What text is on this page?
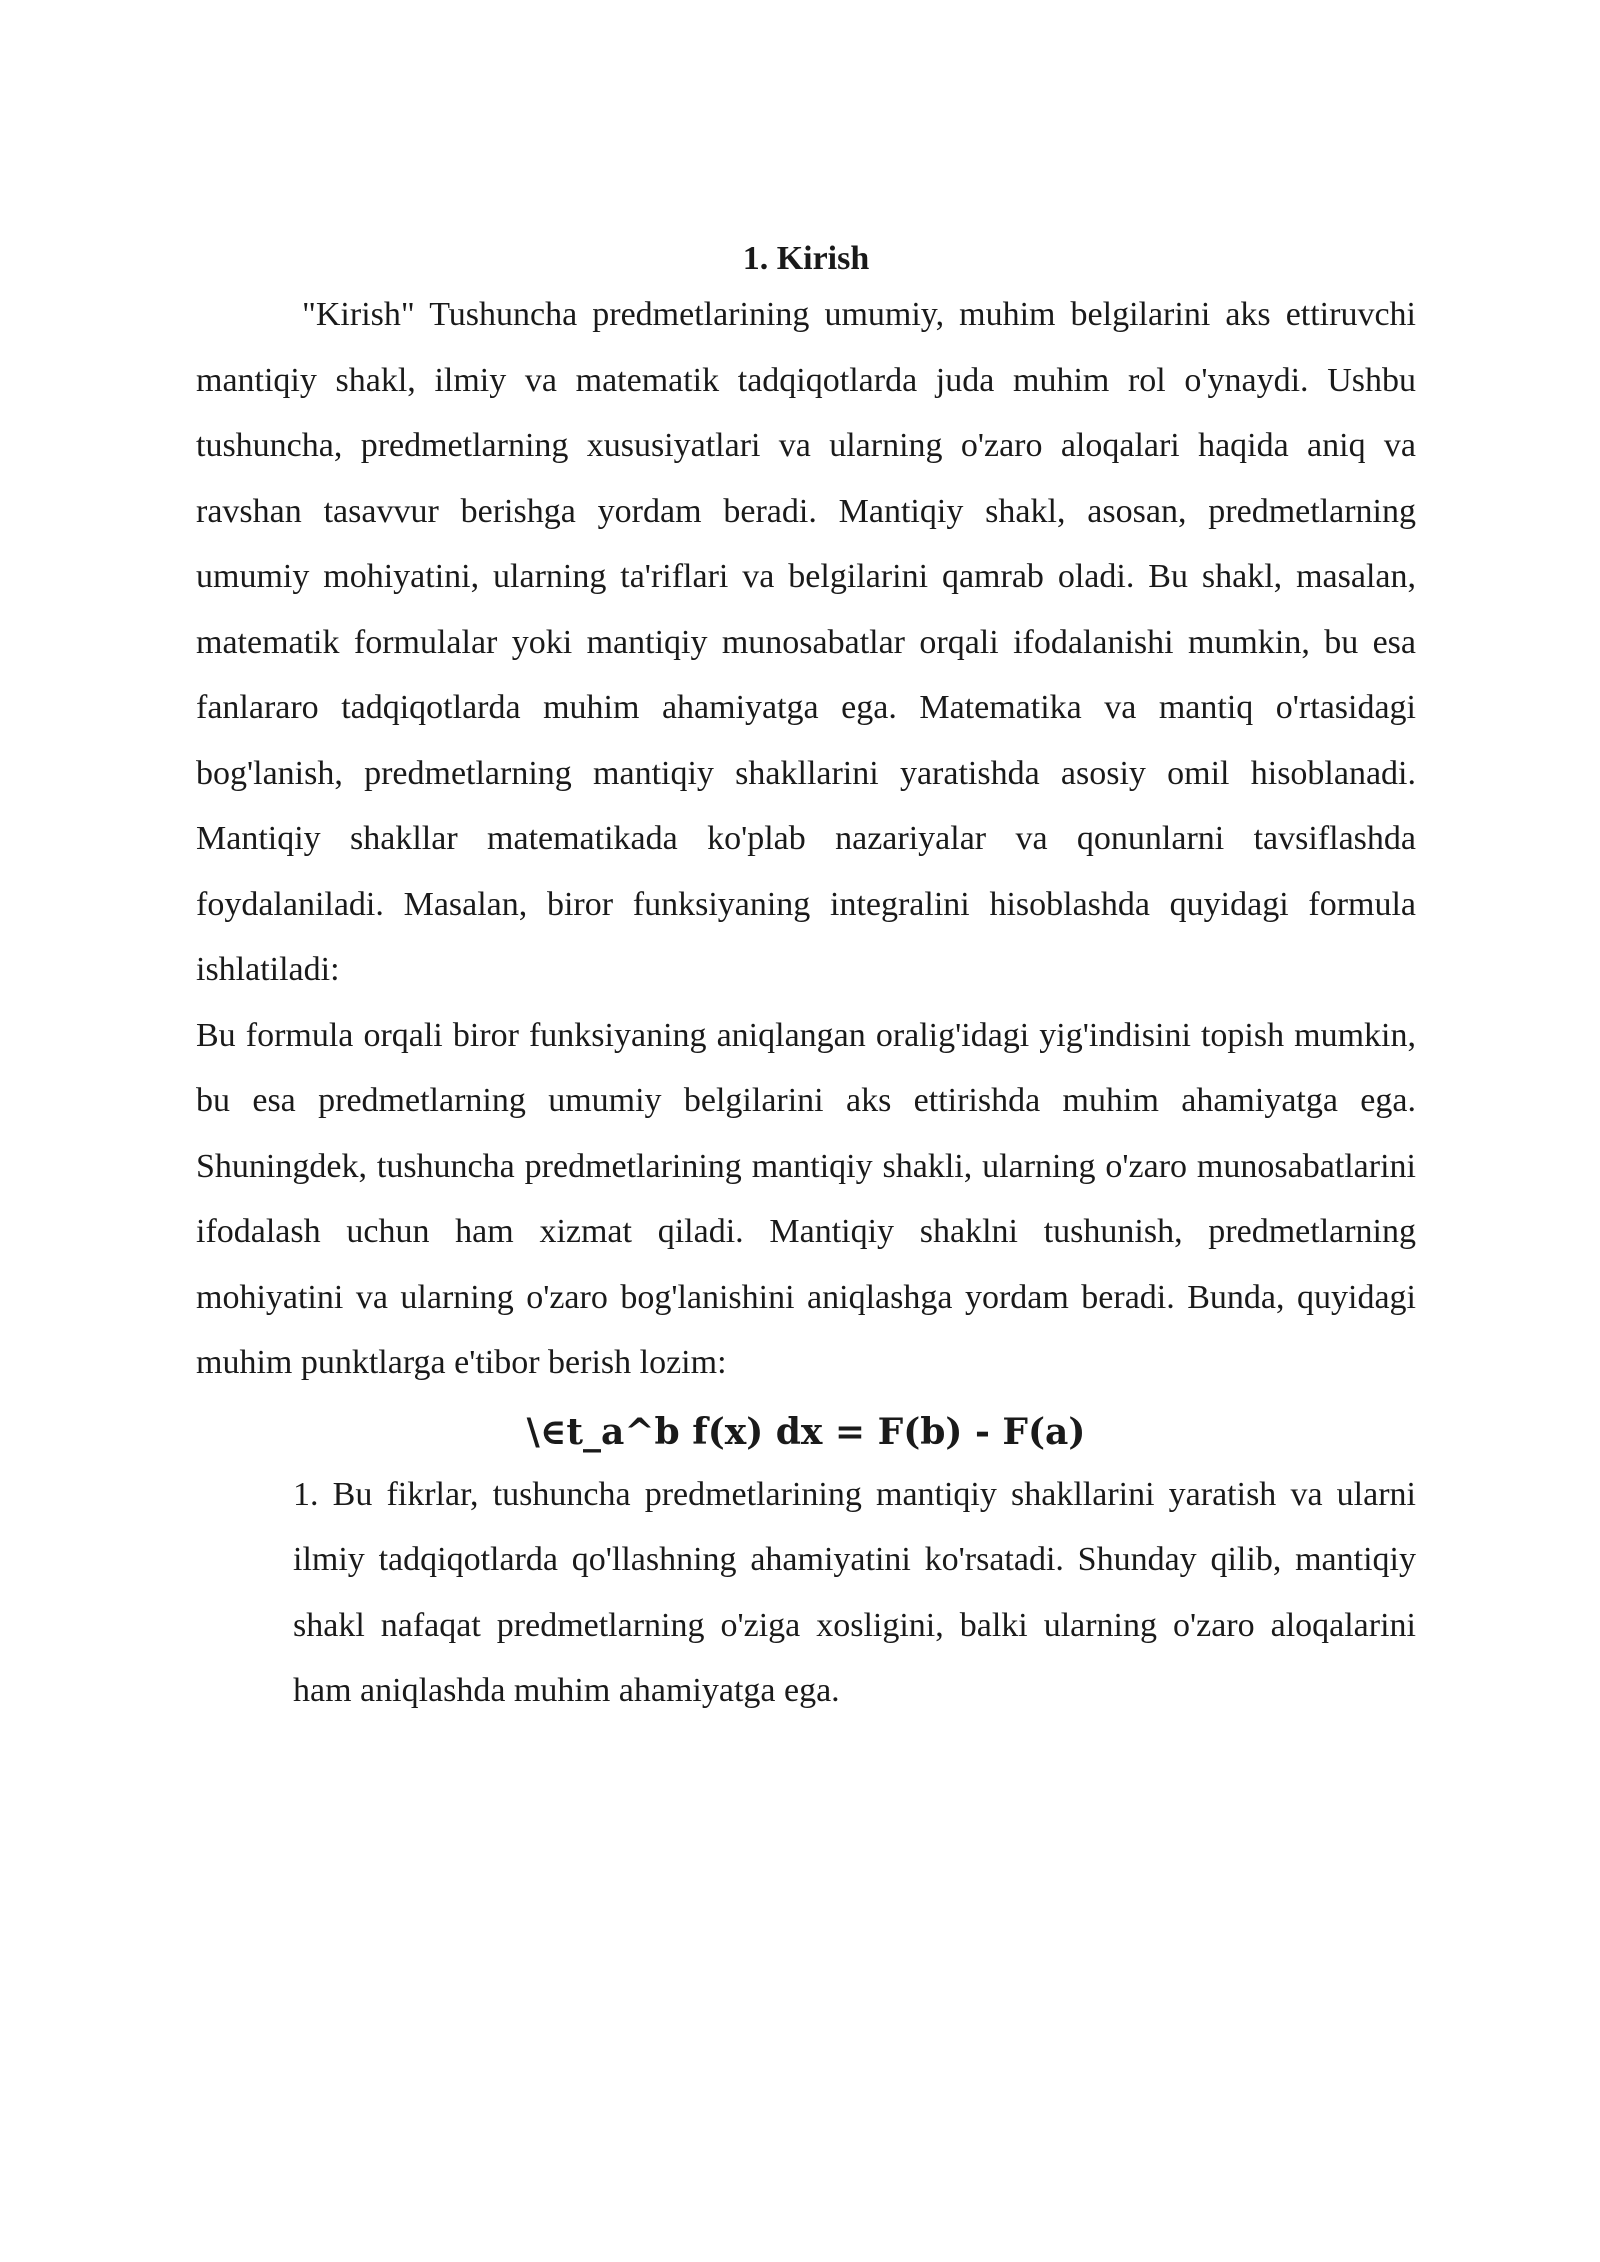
1. Kirish

"Kirish" Tushuncha predmetlarining umumiy, muhim belgilarini aks ettiruvchi mantiqiy shakl, ilmiy va matematik tadqiqotlarda juda muhim rol o'ynaydi. Ushbu tushuncha, predmetlarning xususiyatlari va ularning o'zaro aloqalari haqida aniq va ravshan tasavvur berishga yordam beradi. Mantiqiy shakl, asosan, predmetlarning umumiy mohiyatini, ularning ta'riflari va belgilarini qamrab oladi. Bu shakl, masalan, matematik formulalar yoki mantiqiy munosabatlar orqali ifodalanishi mumkin, bu esa fanlararo tadqiqotlarda muhim ahamiyatga ega. Matematika va mantiq o'rtasidagi bog'lanish, predmetlarning mantiqiy shakllarini yaratishda asosiy omil hisoblanadi. Mantiqiy shakllar matematikada ko'plab nazariyalar va qonunlarni tavsiflashda foydalaniladi. Masalan, biror funksiyaning integralini hisoblashda quyidagi formula ishlatiladi:

Bu formula orqali biror funksiyaning aniqlangan oralig'idagi yig'indisini topish mumkin, bu esa predmetlarning umumiy belgilarini aks ettirishda muhim ahamiyatga ega. Shuningdek, tushuncha predmetlarining mantiqiy shakli, ularning o'zaro munosabatlarini ifodalash uchun ham xizmat qiladi. Mantiqiy shaklni tushunish, predmetlarning mohiyatini va ularning o'zaro bog'lanishini aniqlashga yordam beradi. Bunda, quyidagi muhim punktlarga e'tibor berish lozim:

\∈t_a^b f(x) dx = F(b) - F(a)

1. Bu fikrlar, tushuncha predmetlarining mantiqiy shakllarini yaratish va ularni ilmiy tadqiqotlarda qo'llashning ahamiyatini ko'rsatadi. Shunday qilib, mantiqiy shakl nafaqat predmetlarning o'ziga xosligini, balki ularning o'zaro aloqalarini ham aniqlashda muhim ahamiyatga ega.
